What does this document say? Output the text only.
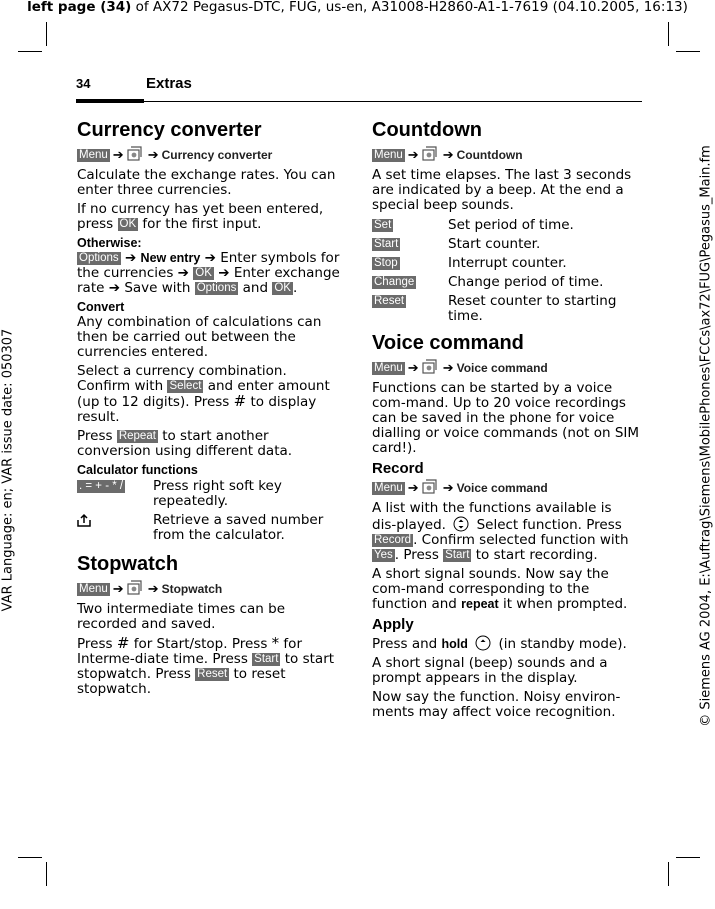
left page (34) of AX72 Pegasus-DTC, FUG, us-en, A31008-H2860-A1-1-7619 (04.10.2005, 16:13)
VAR Language: en; VAR issue date: 050307	© Siemens AG 2004, E:\Auftrag\Siemens\MobilePhones\FCCs\ax72\FUG\Pegasus_Main.fm
34	Extras
Currency converter
Menu ➔ ➔ Currency converter

Calculate the exchange rates. You can enter three currencies.

If no currency has yet been entered, press OK for the first input.

Otherwise:

Options ➔ New entry ➔ Enter symbols for the currencies ➔ OK ➔ Enter exchange rate ➔ Save with Options and OK .

Convert

Any combination of calculations can then be carried out between the currencies entered.

Select a currency combination. Confirm with Select and enter amount (up to 12 digits). Press # to display result.

Press Repeat to start another conversion using different data.

Calculator functions
. = + - * /	Press right soft key repeatedly.
	Retrieve a saved number from the calculator.
Stopwatch
Menu ➔ ➔ Stopwatch

Two intermediate times can be recorded and saved.

Press # for Start/stop. Press * for Interme-diate time. Press Start to start stopwatch. Press Reset to reset stopwatch.

Countdown
Menu ➔ ➔ Countdown

A set time elapses. The last 3 seconds are indicated by a beep. At the end a special beep sounds.

Set	Set period of time.
Start	Start counter.
Stop	Interrupt counter.
Change	Change period of time.
Reset	Reset counter to starting time.
Voice command
Menu ➔ ➔ Voice command

Functions can be started by a voice com-mand. Up to 20 voice recordings can be saved in the phone for voice dialling or voice commands (not on SIM card!).

Record
Menu ➔ ➔ Voice command

A list with the functions available is dis-played.  Select function. Press Record . Confirm selected function with Yes . Press Start to start recording.

A short signal sounds. Now say the com-mand corresponding to the function and repeat it when prompted.

Apply

Press and hold  (in standby mode).

A short signal (beep) sounds and a prompt appears in the display.

Now say the function. Noisy environ-ments may affect voice recognition.
